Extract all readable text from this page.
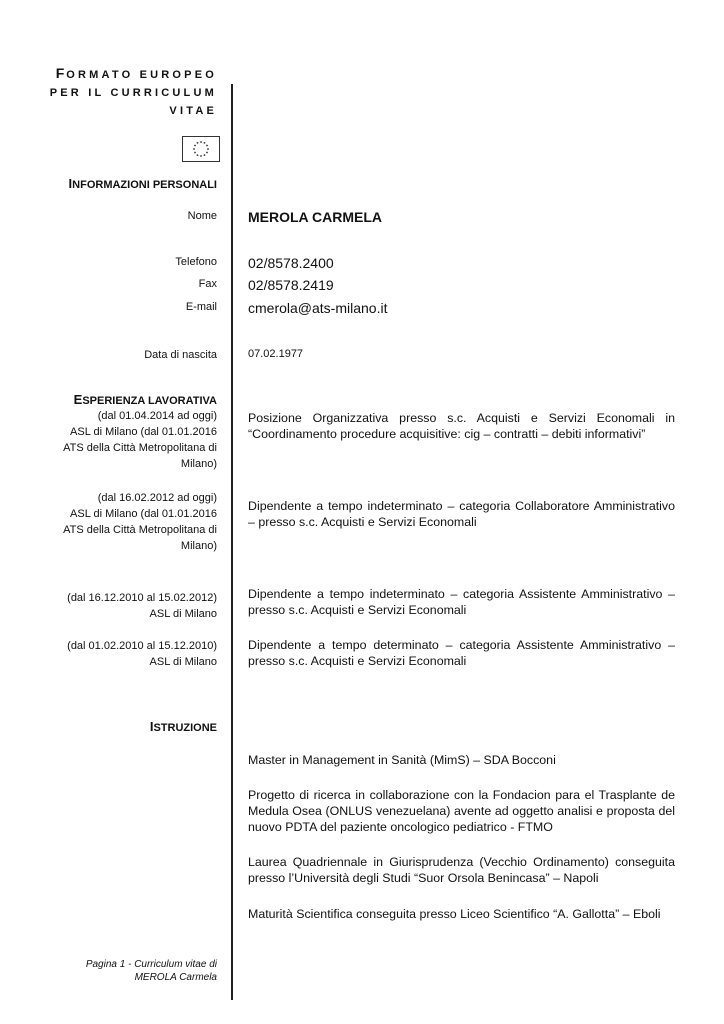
FORMATO EUROPEO
PER IL CURRICULUM
VITAE
INFORMAZIONI PERSONALI
Nome MEROLA CARMELA
Telefono 02/8578.2400
Fax 02/8578.2419
E-mail cmerola@ats-milano.it
Data di nascita	07.02.1977
ESPERIENZA LAVORATIVA
(dal 01.04.2014 ad oggi)
ASL di Milano (dal 01.01.2016
ATS della Città Metropolitana di
Milano)
Posizione Organizzativa presso s.c. Acquisti e Servizi Economali in “Coordinamento procedure acquisitive: cig – contratti – debiti informativi”
(dal 16.02.2012 ad oggi)
ASL di Milano (dal 01.01.2016
ATS della Città Metropolitana di
Milano)
Dipendente a tempo indeterminato – categoria Collaboratore Amministrativo – presso s.c. Acquisti e Servizi Economali
(dal 16.12.2010 al 15.02.2012)
ASL di Milano
Dipendente a tempo indeterminato – categoria Assistente Amministrativo – presso s.c. Acquisti e Servizi Economali
(dal 01.02.2010 al 15.12.2010)
ASL di Milano
Dipendente a tempo determinato – categoria Assistente Amministrativo – presso s.c. Acquisti e Servizi Economali
ISTRUZIONE
Master in Management in Sanità (MimS) – SDA Bocconi
Progetto di ricerca in collaborazione con la Fondacion para el Trasplante de Medula Osea (ONLUS venezuelana) avente ad oggetto analisi e proposta del nuovo PDTA del paziente oncologico pediatrico - FTMO
Laurea Quadriennale in Giurisprudenza (Vecchio Ordinamento) conseguita presso l’Università degli Studi “Suor Orsola Benincasa” – Napoli
Maturità Scientifica conseguita presso Liceo Scientifico “A. Gallotta” – Eboli
Pagina 1 - Curriculum vitae di
MEROLA Carmela
